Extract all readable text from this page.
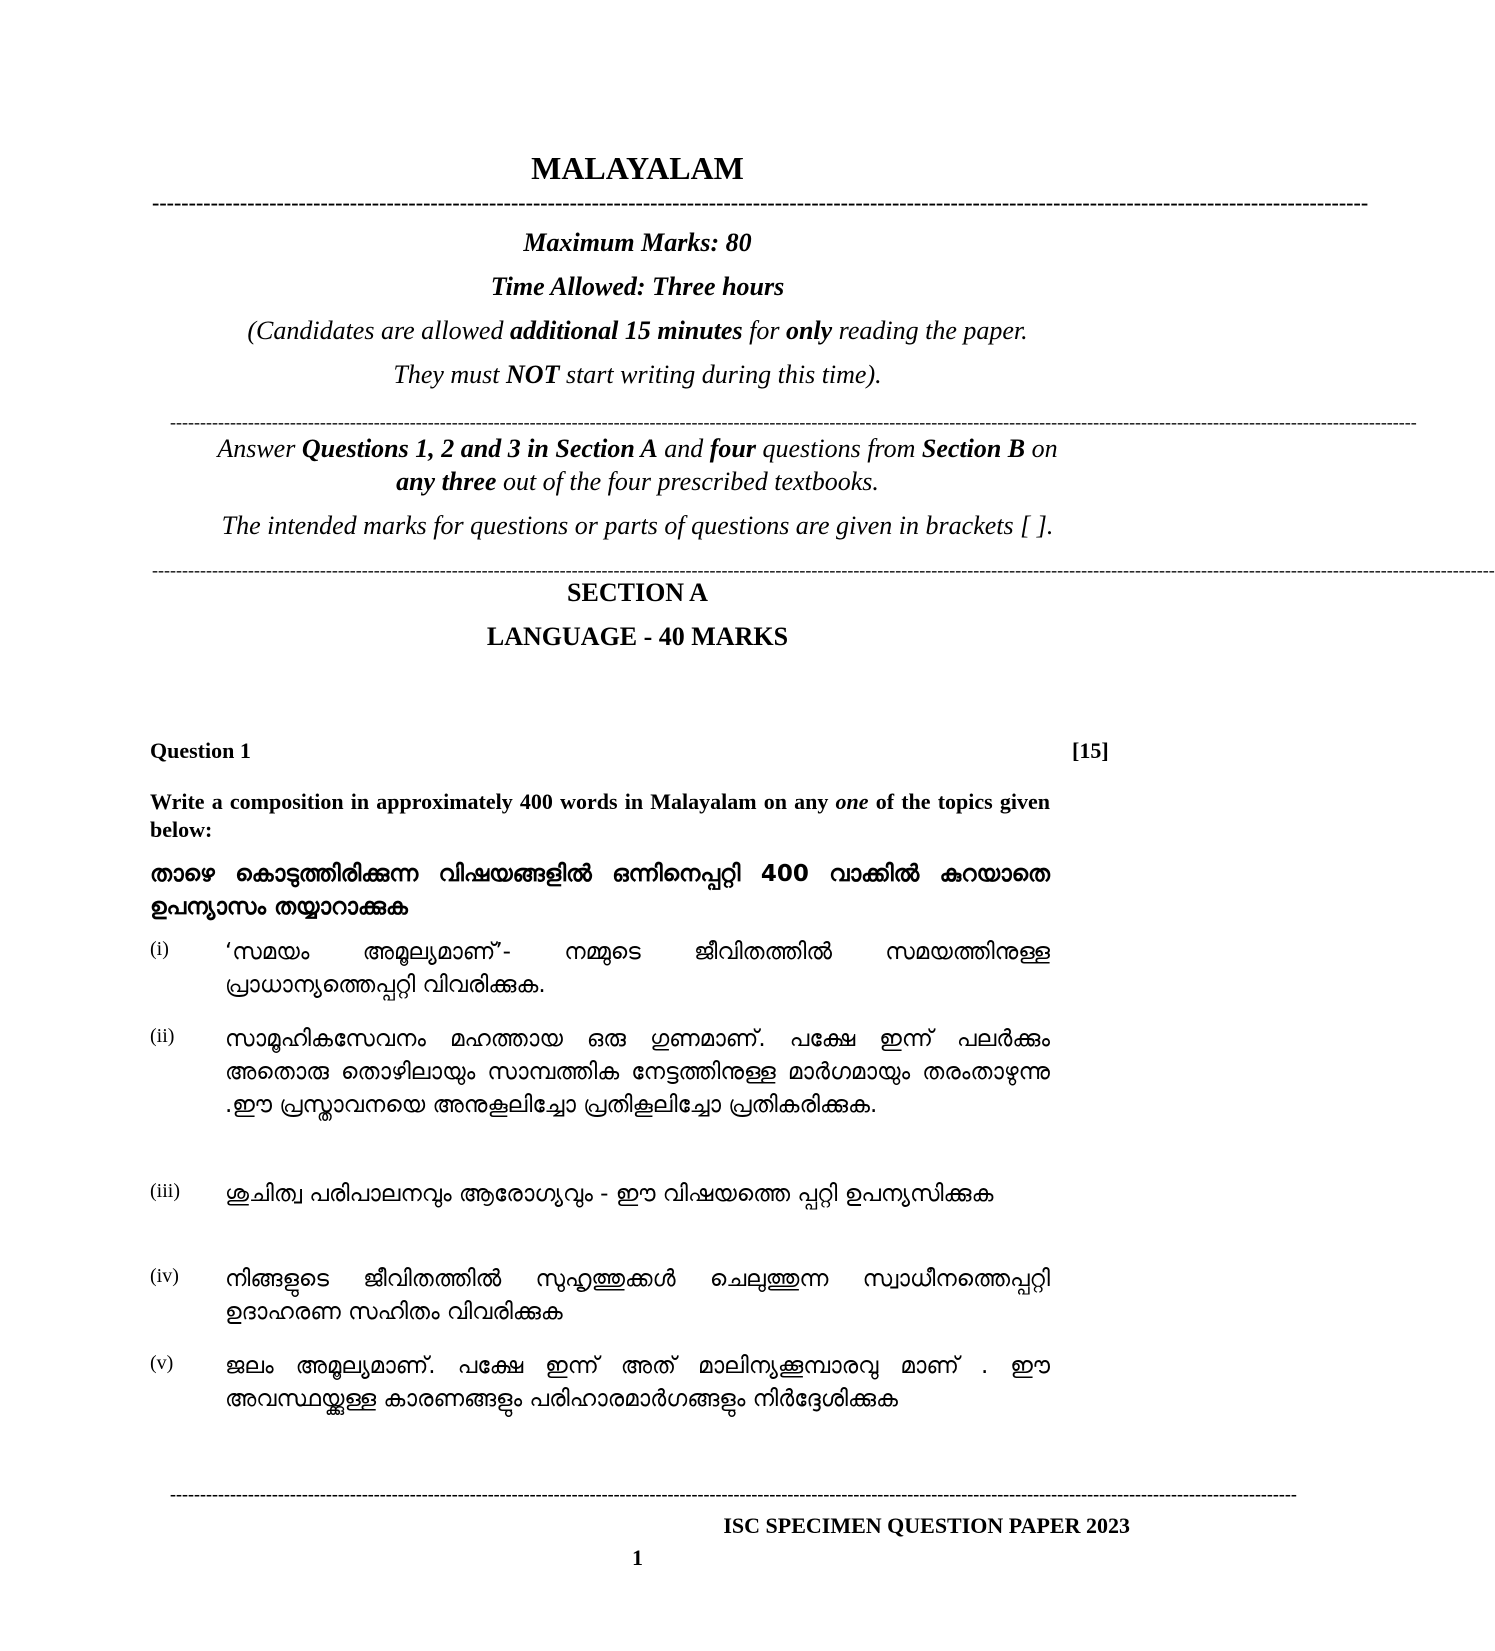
MALAYALAM
----------------------------------------------------------------------------------------------------------------------------------------------------------------------
Maximum Marks: 80
Time Allowed: Three hours
(Candidates are allowed additional 15 minutes for only reading the paper.
They must NOT start writing during this time).
----------------------------------------------------------------------------------------------------------------------------------------------------------------------------------------------------------------
Answer Questions 1, 2 and 3 in Section A and four questions from Section B on
any three out of the four prescribed textbooks.
The intended marks for questions or parts of questions are given in brackets [ ].
--------------------------------------------------------------------------------------------------------------------------------------------------------------------------------------------------------------------------------
SECTION A
LANGUAGE - 40 MARKS
Question 1	[15]
Write a composition in approximately 400 words in Malayalam on any one of the topics given below:
താഴെ കൊടുത്തിരിക്കുന്ന വിഷയങ്ങളിൽ ഒന്നിനെപ്പറ്റി 400 വാക്കിൽ കുറയാതെ ഉപന്യാസം തയ്യാറാക്കുക
(i) ‘സമയം അമൂല്യമാണ്’- നമ്മുടെ ജീവിതത്തിൽ സമയത്തിനുള്ള പ്രാധാന്യത്തെപ്പറ്റി വിവരിക്കുക.
(ii) സാമൂഹികസേവനം മഹത്തായ ഒരു ഗുണമാണ്. പക്ഷേ ഇന്ന് പലർക്കും അതൊരു തൊഴിലായും സാമ്പത്തിക നേട്ടത്തിനുള്ള മാർഗമായും തരംതാഴുന്നു .ഈ പ്രസ്താവനയെ അനുകൂലിച്ചോ പ്രതികൂലിച്ചോ പ്രതികരിക്കുക.
(iii) ശുചിത്വ പരിപാലനവും ആരോഗ്യവും - ഈ വിഷയത്തെ പ്പറ്റി ഉപന്യസിക്കുക
(iv) നിങ്ങളുടെ ജീവിതത്തിൽ സുഹൃത്തുക്കൾ ചെലുത്തുന്ന സ്വാധീനത്തെപ്പറ്റി ഉദാഹരണ സഹിതം വിവരിക്കുക
(v) ജലം അമൂല്യമാണ്. പക്ഷേ ഇന്ന് അത് മാലിന്യക്കൂമ്പാരവു മാണ് . ഈ അവസ്ഥയ്ക്കുള്ള കാരണങ്ങളും പരിഹാരമാർഗങ്ങളും നിർദ്ദേശിക്കുക
--------------------------------------------------------------------------------------------------------------------------------------------------------------------------------------------
ISC SPECIMEN QUESTION PAPER 2023
1
